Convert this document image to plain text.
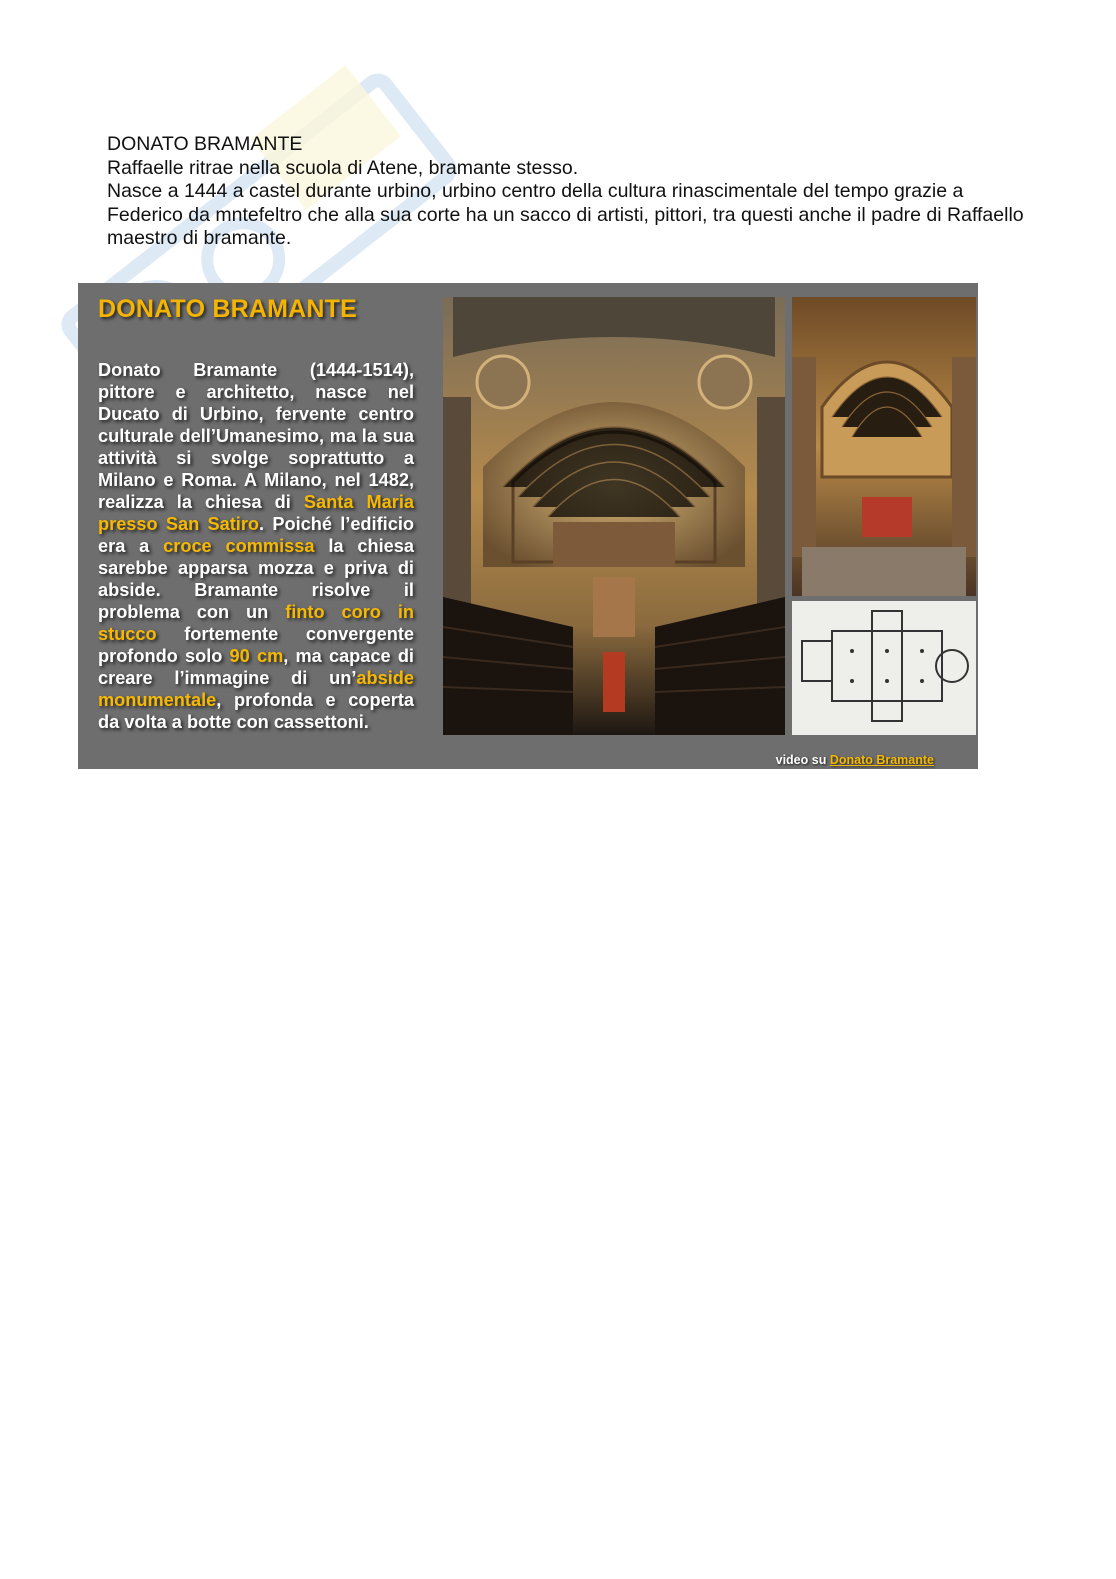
DONATO BRAMANTE

Raffaelle ritrae nella scuola di Atene, bramante stesso.

Nasce a 1444 a castel durante urbino, urbino centro della cultura rinascimentale del tempo grazie a Federico da mntefeltro che alla sua corte ha un sacco di artisti, pittori, tra questi anche il padre di Raffaello maestro di bramante.

DONATO BRAMANTE
Donato Bramante (1444-1514), pittore e architetto, nasce nel Ducato di Urbino, fervente centro culturale dell’Umanesimo, ma la sua attività si svolge soprattutto a Milano e Roma. A Milano, nel 1482, realizza la chiesa di Santa Maria presso San Satiro. Poiché l’edificio era a croce commissa la chiesa sarebbe apparsa mozza e priva di abside. Bramante risolve il problema con un finto coro in stucco fortemente convergente profondo solo 90 cm, ma capace di creare l’immagine di un’abside monumentale, profonda e coperta da volta a botte con cassettoni.
video su Donato Bramante
